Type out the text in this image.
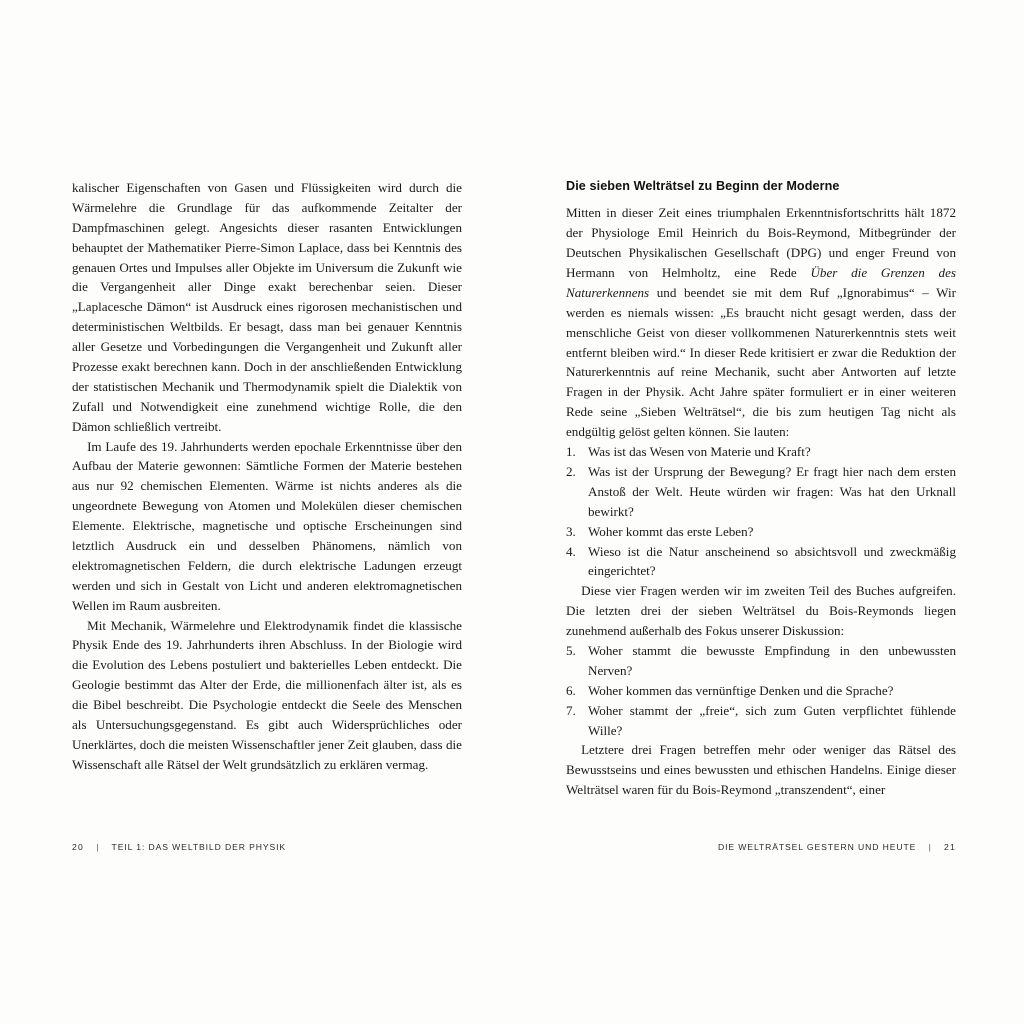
kalischer Eigenschaften von Gasen und Flüssigkeiten wird durch die Wärmelehre die Grundlage für das aufkommende Zeitalter der Dampfmaschinen gelegt. Angesichts dieser rasanten Entwicklungen behauptet der Mathematiker Pierre-Simon Laplace, dass bei Kenntnis des genauen Ortes und Impulses aller Objekte im Universum die Zukunft wie die Vergangenheit aller Dinge exakt berechenbar seien. Dieser „Laplacesche Dämon“ ist Ausdruck eines rigorosen mechanistischen und deterministischen Weltbilds. Er besagt, dass man bei genauer Kenntnis aller Gesetze und Vorbedingungen die Vergangenheit und Zukunft aller Prozesse exakt berechnen kann. Doch in der anschließenden Entwicklung der statistischen Mechanik und Thermodynamik spielt die Dialektik von Zufall und Notwendigkeit eine zunehmend wichtige Rolle, die den Dämon schließlich vertreibt.

Im Laufe des 19. Jahrhunderts werden epochale Erkenntnisse über den Aufbau der Materie gewonnen: Sämtliche Formen der Materie bestehen aus nur 92 chemischen Elementen. Wärme ist nichts anderes als die ungeordnete Bewegung von Atomen und Molekülen dieser chemischen Elemente. Elektrische, magnetische und optische Erscheinungen sind letztlich Ausdruck ein und desselben Phänomens, nämlich von elektromagnetischen Feldern, die durch elektrische Ladungen erzeugt werden und sich in Gestalt von Licht und anderen elektromagnetischen Wellen im Raum ausbreiten.

Mit Mechanik, Wärmelehre und Elektrodynamik findet die klassische Physik Ende des 19. Jahrhunderts ihren Abschluss. In der Biologie wird die Evolution des Lebens postuliert und bakterielles Leben entdeckt. Die Geologie bestimmt das Alter der Erde, die millionenfach älter ist, als es die Bibel beschreibt. Die Psychologie entdeckt die Seele des Menschen als Untersuchungsgegenstand. Es gibt auch Widersprüchliches oder Unerklärtes, doch die meisten Wissenschaftler jener Zeit glauben, dass die Wissenschaft alle Rätsel der Welt grundsätzlich zu erklären vermag.

20 | TEIL 1: DAS WELTBILD DER PHYSIK
Die sieben Welträtsel zu Beginn der Moderne

Mitten in dieser Zeit eines triumphalen Erkenntnisfortschritts hält 1872 der Physiologe Emil Heinrich du Bois-Reymond, Mitbegründer der Deutschen Physikalischen Gesellschaft (DPG) und enger Freund von Hermann von Helmholtz, eine Rede Über die Grenzen des Naturerkennens und beendet sie mit dem Ruf „Ignorabimus“ – Wir werden es niemals wissen: „Es braucht nicht gesagt werden, dass der menschliche Geist von dieser vollkommenen Naturerkenntnis stets weit entfernt bleiben wird.“ In dieser Rede kritisiert er zwar die Reduktion der Naturerkenntnis auf reine Mechanik, sucht aber Antworten auf letzte Fragen in der Physik. Acht Jahre später formuliert er in einer weiteren Rede seine „Sieben Welträtsel“, die bis zum heutigen Tag nicht als endgültig gelöst gelten können. Sie lauten:

1. Was ist das Wesen von Materie und Kraft?
2. Was ist der Ursprung der Bewegung? Er fragt hier nach dem ersten Anstoß der Welt. Heute würden wir fragen: Was hat den Urknall bewirkt?
3. Woher kommt das erste Leben?
4. Wieso ist die Natur anscheinend so absichtsvoll und zweckmäßig eingerichtet?

Diese vier Fragen werden wir im zweiten Teil des Buches aufgreifen. Die letzten drei der sieben Welträtsel du Bois-Reymonds liegen zunehmend außerhalb des Fokus unserer Diskussion:

5. Woher stammt die bewusste Empfindung in den unbewussten Nerven?
6. Woher kommen das vernünftige Denken und die Sprache?
7. Woher stammt der „freie“, sich zum Guten verpflichtet fühlende Wille?

Letztere drei Fragen betreffen mehr oder weniger das Rätsel des Bewusstseins und eines bewussten und ethischen Handelns. Einige dieser Welträtsel waren für du Bois-Reymond „transzendent“, einer

DIE WELTRÄTSEL GESTERN UND HEUTE | 21
